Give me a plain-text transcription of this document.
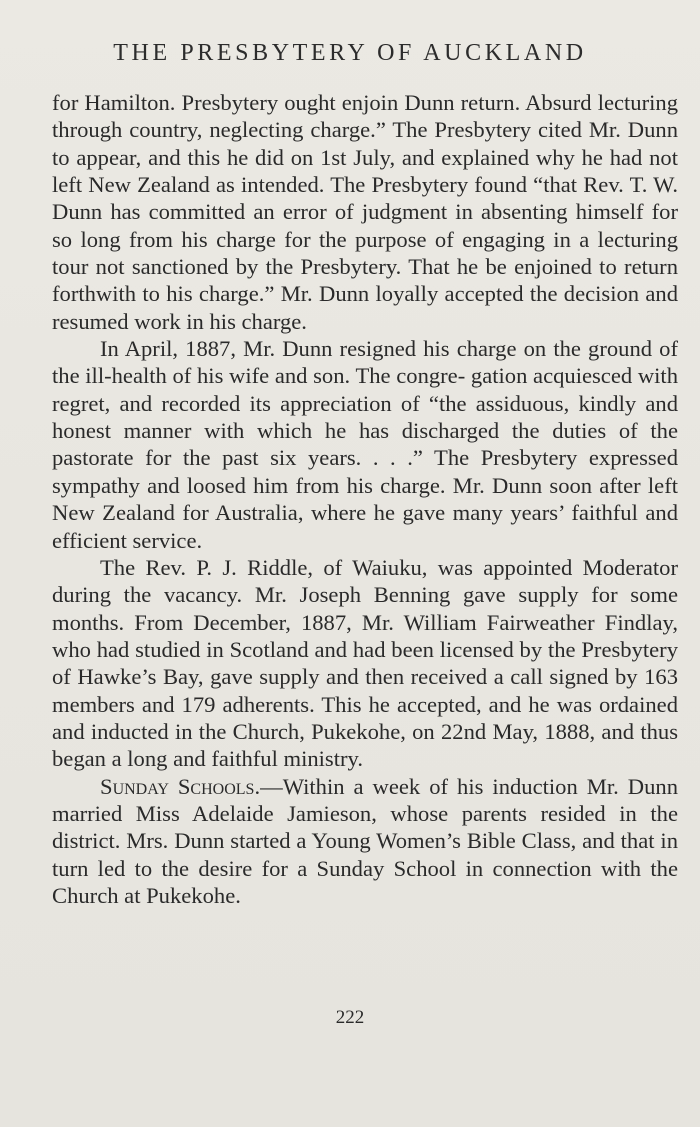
THE PRESBYTERY OF AUCKLAND

for Hamilton. Presbytery ought enjoin Dunn return. Absurd lecturing through country, neglecting charge.” The Presbytery cited Mr. Dunn to appear, and this he did on 1st July, and explained why he had not left New Zealand as intended. The Presbytery found “that Rev. T. W. Dunn has committed an error of judgment in absenting himself for so long from his charge for the purpose of engaging in a lecturing tour not sanctioned by the Presbytery. That he be enjoined to return forthwith to his charge.” Mr. Dunn loyally accepted the decision and resumed work in his charge.

In April, 1887, Mr. Dunn resigned his charge on the ground of the ill-health of his wife and son. The congre- gation acquiesced with regret, and recorded its appreciation of “the assiduous, kindly and honest manner with which he has discharged the duties of the pastorate for the past six years. . . .” The Presbytery expressed sympathy and loosed him from his charge. Mr. Dunn soon after left New Zealand for Australia, where he gave many years’ faithful and efficient service.

The Rev. P. J. Riddle, of Waiuku, was appointed Moderator during the vacancy. Mr. Joseph Benning gave supply for some months. From December, 1887, Mr. William Fairweather Findlay, who had studied in Scotland and had been licensed by the Presbytery of Hawke’s Bay, gave supply and then received a call signed by 163 members and 179 adherents. This he accepted, and he was ordained and inducted in the Church, Pukekohe, on 22nd May, 1888, and thus began a long and faithful ministry.

Sunday Schools.—Within a week of his induction Mr. Dunn married Miss Adelaide Jamieson, whose parents resided in the district. Mrs. Dunn started a Young Women’s Bible Class, and that in turn led to the desire for a Sunday School in connection with the Church at Pukekohe.

222
